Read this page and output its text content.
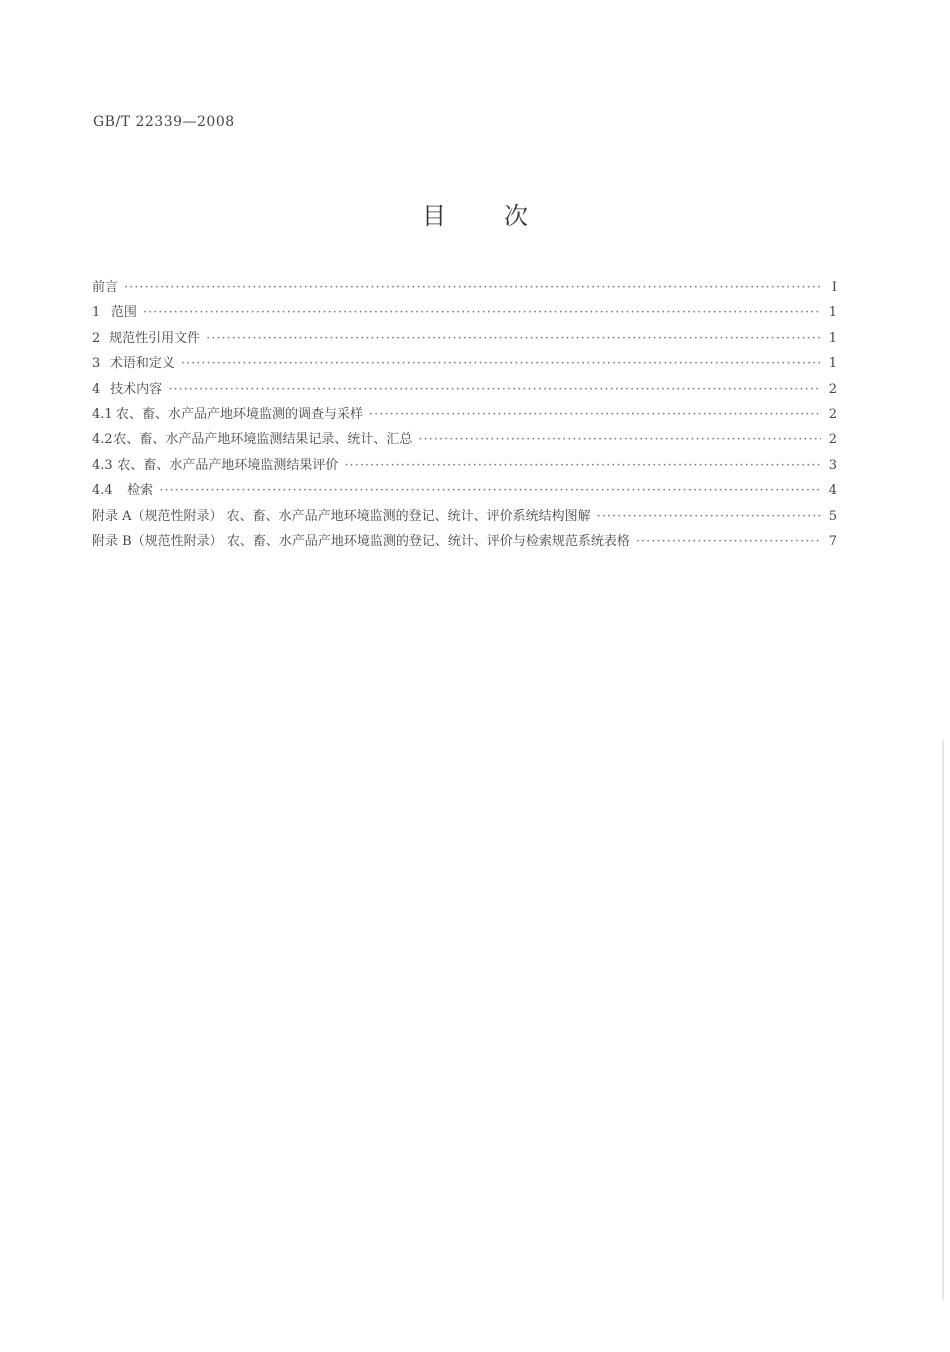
GB/T 22339—2008
目次
前言 ·····	Ⅰ
1 范围 ·····	1
2 规范性引用文件 ·····	1
3 术语和定义 ·····	1
4 技术内容 ·····	2
4.1 农、畜、水产品产地环境监测的调查与采样 ·····	2
4.2 农、畜、水产品产地环境监测结果记录、统计、汇总 ·····	2
4.3 农、畜、水产品产地环境监测结果评价 ·····	3
4.4	检索 ·····	4
附录 A（规范性附录） 农、畜、水产品产地环境监测的登记、统计、评价系统结构图解 ·····	5
附录 B（规范性附录） 农、畜、水产品产地环境监测的登记、统计、评价与检索规范系统表格 ·····	7
